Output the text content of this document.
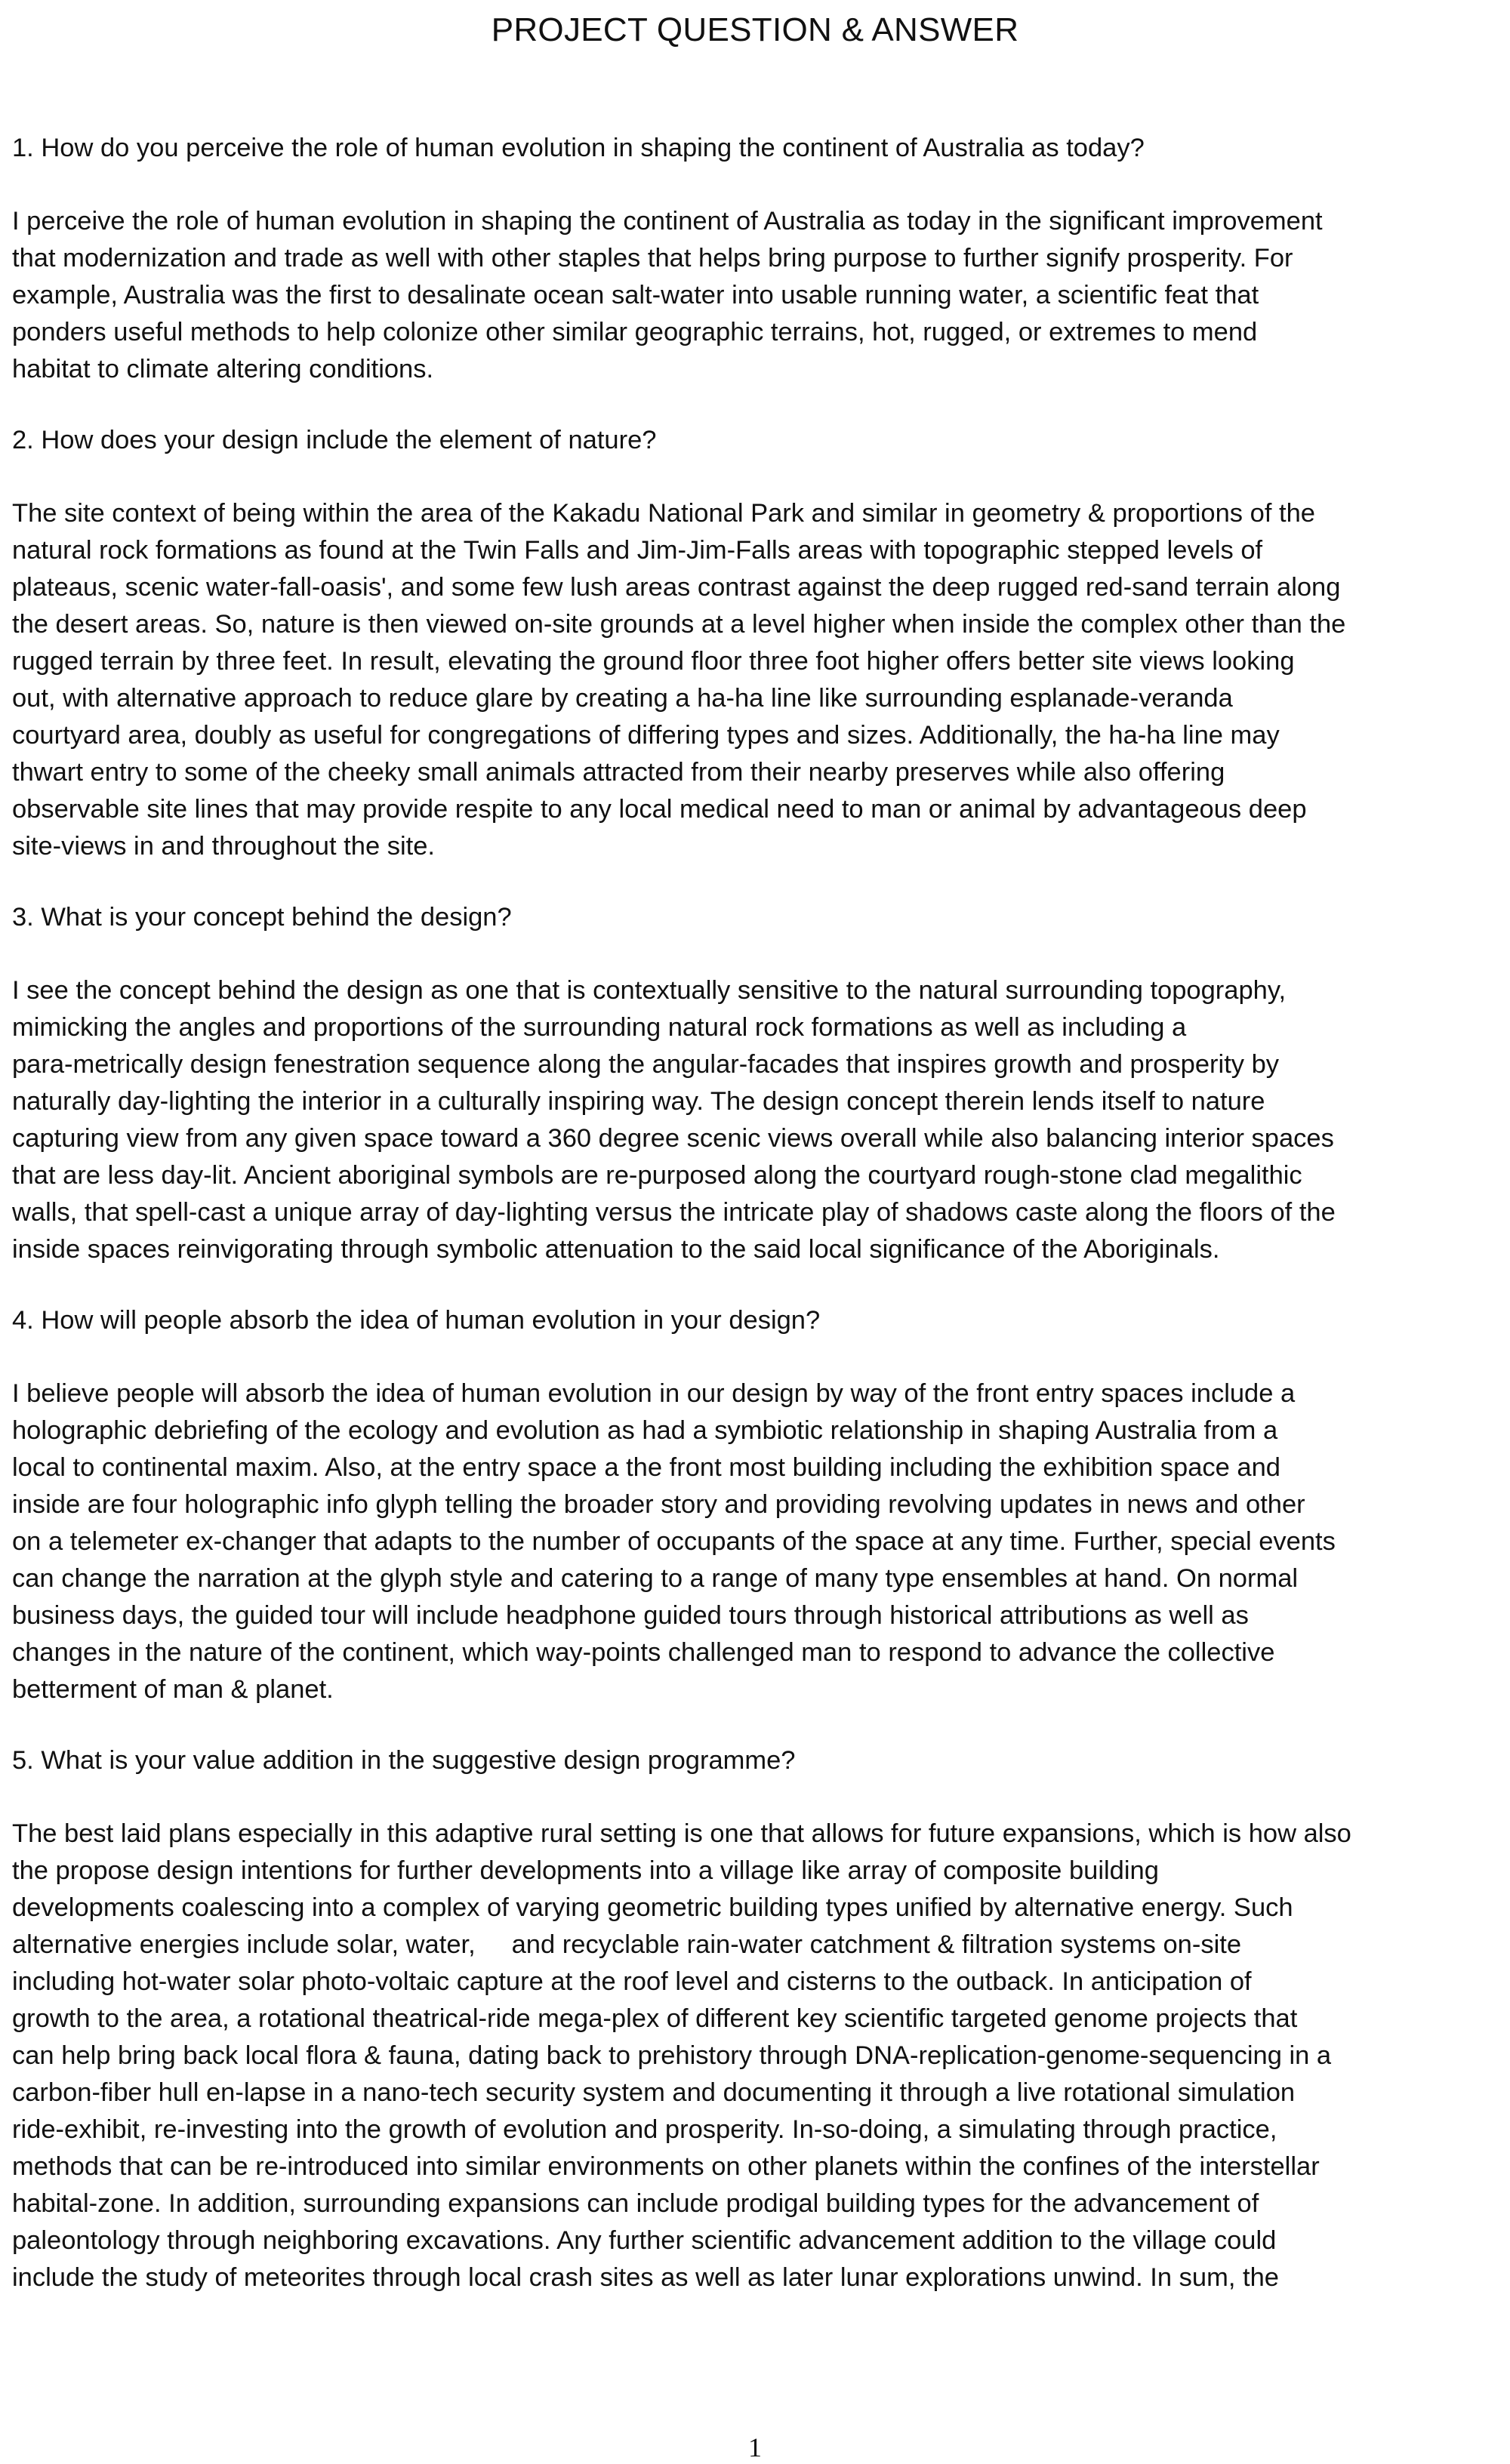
PROJECT QUESTION & ANSWER

1. How do you perceive the role of human evolution in shaping the continent of Australia as today?

I perceive the role of human evolution in shaping the continent of Australia as today in the significant improvement
that modernization and trade as well with other staples that helps bring purpose to further signify prosperity. For
example, Australia was the first to desalinate ocean salt-water into usable running water, a scientific feat that
ponders useful methods to help colonize other similar geographic terrains, hot, rugged, or extremes to mend
habitat to climate altering conditions.

2. How does your design include the element of nature?

The site context of being within the area of the Kakadu National Park and similar in geometry & proportions of the
natural rock formations as found at the Twin Falls and Jim-Jim-Falls areas with topographic stepped levels of
plateaus, scenic water-fall-oasis', and some few lush areas contrast against the deep rugged red-sand terrain along
the desert areas. So, nature is then viewed on-site grounds at a level higher when inside the complex other than the
rugged terrain by three feet. In result, elevating the ground floor three foot higher offers better site views looking
out, with alternative approach to reduce glare by creating a ha-ha line like surrounding esplanade-veranda
courtyard area, doubly as useful for congregations of differing types and sizes. Additionally, the ha-ha line may
thwart entry to some of the cheeky small animals attracted from their nearby preserves while also offering
observable site lines that may provide respite to any local medical need to man or animal by advantageous deep
site-views in and throughout the site.

3. What is your concept behind the design?

I see the concept behind the design as one that is contextually sensitive to the natural surrounding topography,
mimicking the angles and proportions of the surrounding natural rock formations as well as including a
para-metrically design fenestration sequence along the angular-facades that inspires growth and prosperity by
naturally day-lighting the interior in a culturally inspiring way. The design concept therein lends itself to nature
capturing view from any given space toward a 360 degree scenic views overall while also balancing interior spaces
that are less day-lit. Ancient aboriginal symbols are re-purposed along the courtyard rough-stone clad megalithic
walls, that spell-cast a unique array of day-lighting versus the intricate play of shadows caste along the floors of the
inside spaces reinvigorating through symbolic attenuation to the said local significance of the Aboriginals.

4. How will people absorb the idea of human evolution in your design?

I believe people will absorb the idea of human evolution in our design by way of the front entry spaces include a
holographic debriefing of the ecology and evolution as had a symbiotic relationship in shaping Australia from a
local to continental maxim. Also, at the entry space a the front most building including the exhibition space and
inside are four holographic info glyph telling the broader story and providing revolving updates in news and other
on a telemeter ex-changer that adapts to the number of occupants of the space at any time. Further, special events
can change the narration at the glyph style and catering to a range of many type ensembles at hand. On normal
business days, the guided tour will include headphone guided tours through historical attributions as well as
changes in the nature of the continent, which way-points challenged man to respond to advance the collective
betterment of man & planet.

5. What is your value addition in the suggestive design programme?

The best laid plans especially in this adaptive rural setting is one that allows for future expansions, which is how also
the propose design intentions for further developments into a village like array of composite building
developments coalescing into a complex of varying geometric building types unified by alternative energy. Such
alternative energies include solar, water,     and recyclable rain-water catchment & filtration systems on-site
including hot-water solar photo-voltaic capture at the roof level and cisterns to the outback. In anticipation of
growth to the area, a rotational theatrical-ride mega-plex of different key scientific targeted genome projects that
can help bring back local flora & fauna, dating back to prehistory through DNA-replication-genome-sequencing in a
carbon-fiber hull en-lapse in a nano-tech security system and documenting it through a live rotational simulation
ride-exhibit, re-investing into the growth of evolution and prosperity. In-so-doing, a simulating through practice,
methods that can be re-introduced into similar environments on other planets within the confines of the interstellar
habital-zone. In addition, surrounding expansions can include prodigal building types for the advancement of
paleontology through neighboring excavations. Any further scientific advancement addition to the village could
include the study of meteorites through local crash sites as well as later lunar explorations unwind. In sum, the

1
